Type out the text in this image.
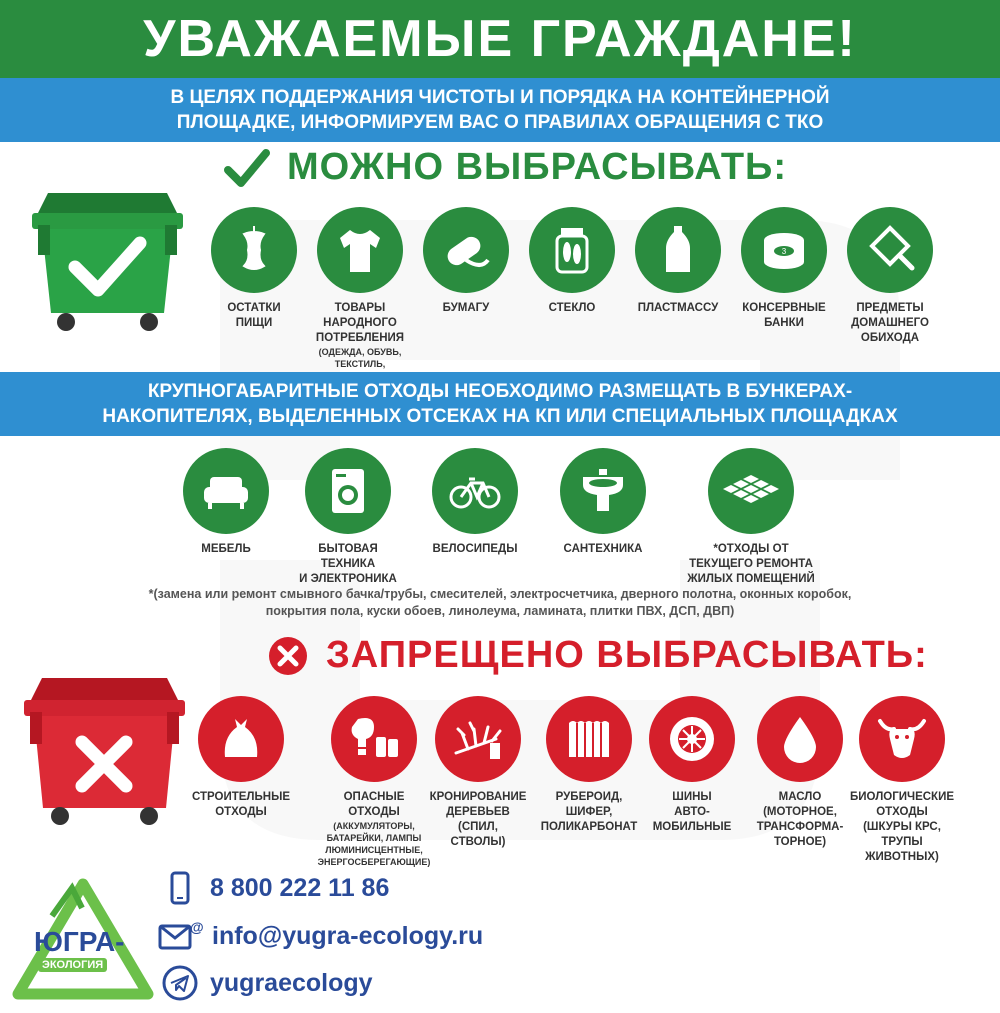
УВАЖАЕМЫЕ ГРАЖДАНЕ!
В ЦЕЛЯХ ПОДДЕРЖАНИЯ ЧИСТОТЫ И ПОРЯДКА НА КОНТЕЙНЕРНОЙ
ПЛОЩАДКЕ, ИНФОРМИРУЕМ ВАС О ПРАВИЛАХ ОБРАЩЕНИЯ С ТКО
МОЖНО ВЫБРАСЫВАТЬ:
ОСТАТКИ
ПИЩИ
ТОВАРЫ
НАРОДНОГО
ПОТРЕБЛЕНИЯ
(ОДЕЖДА, ОБУВЬ, ТЕКСТИЛЬ,

БУМАГУ	СТЕКЛО	ПЛАСТМАССУ
3
КОНСЕРВНЫЕ
БАНКИ
ПРЕДМЕТЫ
ДОМАШНЕГО
ОБИХОДА
КРУПНОГАБАРИТНЫЕ ОТХОДЫ НЕОБХОДИМО РАЗМЕЩАТЬ В БУНКЕРАХ-
НАКОПИТЕЛЯХ, ВЫДЕЛЕННЫХ ОТСЕКАХ НА КП ИЛИ СПЕЦИАЛЬНЫХ ПЛОЩАДКАХ
МЕБЕЛЬ	БЫТОВАЯ ТЕХНИКА
И ЭЛЕКТРОНИКА
ВЕЛОСИПЕДЫ	САНТЕХНИКА	*ОТХОДЫ ОТ
ТЕКУЩЕГО РЕМОНТА
ЖИЛЫХ ПОМЕЩЕНИЙ
*(замена или ремонт смывного бачка/трубы, смесителей, электросчетчика, дверного полотна, оконных коробок,
покрытия пола, куски обоев, линолеума, ламината, плитки ПВХ, ДСП, ДВП)
ЗАПРЕЩЕНО ВЫБРАСЫВАТЬ:
СТРОИТЕЛЬНЫЕ
ОТХОДЫ
ОПАСНЫЕ
ОТХОДЫ
(АККУМУЛЯТОРЫ,
БАТАРЕЙКИ, ЛАМПЫ
ЛЮМИНИСЦЕНТНЫЕ,
ЭНЕРГОСБЕРЕГАЮЩИЕ)
КРОНИРОВАНИЕ
ДЕРЕВЬЕВ
(СПИЛ,
СТВОЛЫ)
РУБЕРОИД,
ШИФЕР,
ПОЛИКАРБОНАТ
ШИНЫ
АВТО-
МОБИЛЬНЫЕ
МАСЛО
(МОТОРНОЕ,
ТРАНСФОРМА-
ТОРНОЕ)
БИОЛОГИЧЕСКИЕ
ОТХОДЫ
(ШКУРЫ КРС,
ТРУПЫ
ЖИВОТНЫХ)
ЮГРА-
ЭКОЛОГИЯ
8 800 222 11 86
@ info@yugra-ecology.ru
yugraecology
